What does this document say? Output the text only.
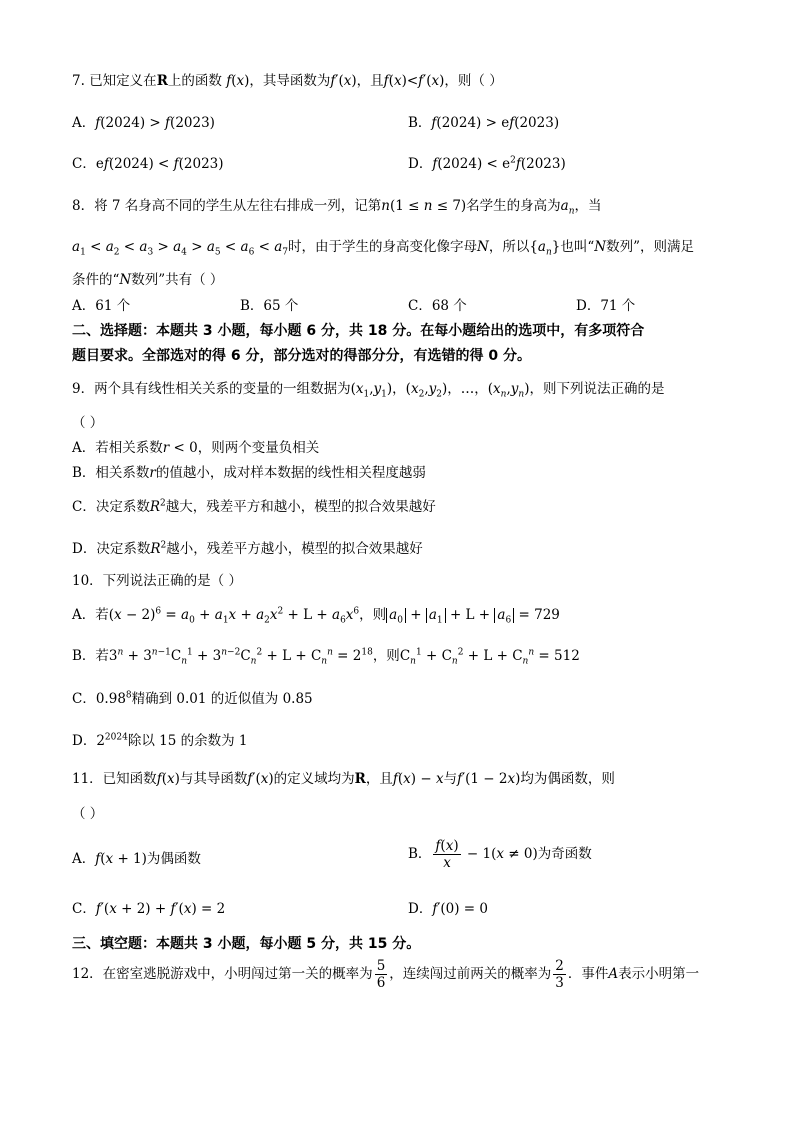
7. 已知定义在R上的函数 f(x)，其导函数为f′(x)，且f(x)<f′(x)，则（ ）
A．f(2024) > f(2023)	B．f(2024) > ef(2023)
C．ef(2024) < f(2023)	D．$f(2024) < e^2f(2023)$
8．将 7 名身高不同的学生从左往右排成一列，记第n(1 ≤ n ≤ 7)名学生的身高为$a_n$，当
$a_1 < a_2 < a_3 > a_4 > a_5 < a_6 < a_7$时，由于学生的身高变化像字母N，所以$\{a_n\}$也叫“N数列”，则满足
条件的“N数列”共有（ ）
A．61 个	B．65 个	C．68 个	D．71 个
二、选择题：本题共 3 小题，每小题 6 分，共 18 分。在每小题给出的选项中，有多项符合
题目要求。全部选对的得 6 分，部分选对的得部分分，有选错的得 0 分。
9．两个具有线性相关关系的变量的一组数据为$(x_1,y_1)$，$(x_2,y_2)$，…，$(x_n,y_n)$，则下列说法正确的是
（ ）
A．若相关系数r < 0，则两个变量负相关
B．相关系数r的值越小，成对样本数据的线性相关程度越弱
C．决定系数$R^2$越大，残差平方和越小，模型的拟合效果越好
D．决定系数$R^2$越小，残差平方越小，模型的拟合效果越好
10．下列说法正确的是（ ）
A．若$(x - 2)^6 = a_0 + a_1x + a_2x^2 + L + a_6x^6$，则 $a_0 + a_1 + L + a_6 = 729$
B．若$3^n + 3^{n-1}C_n^1 + 3^{n-2}C_n^2 + L + C_n^n = 2^{18}$，则$C_n^1 + C_n^2 + L + C_n^n = 512$
C．0.98$^8$精确到 0.01 的近似值为 0.85
D．$2^{2024}$除以 15 的余数为 1
11．已知函数f(x)与其导函数f′(x)的定义域均为R，且f(x) − x与f′(1 − 2x)均为偶函数，则
（ ）
A．f(x + 1)为偶函数	B． $\frac{f(x)}{x} - 1(x \ne 0)$为奇函数
C．f′(x + 2) + f′(x) = 2	D．f′(0) = 0
三、填空题：本题共 3 小题，每小题 5 分，共 15 分。
12．在密室逃脱游戏中，小明闯过第一关的概率为 $\frac{5}{6}$ ，连续闯过前两关的概率为 $\frac{2}{3}$ ．事件A表示小明第一
